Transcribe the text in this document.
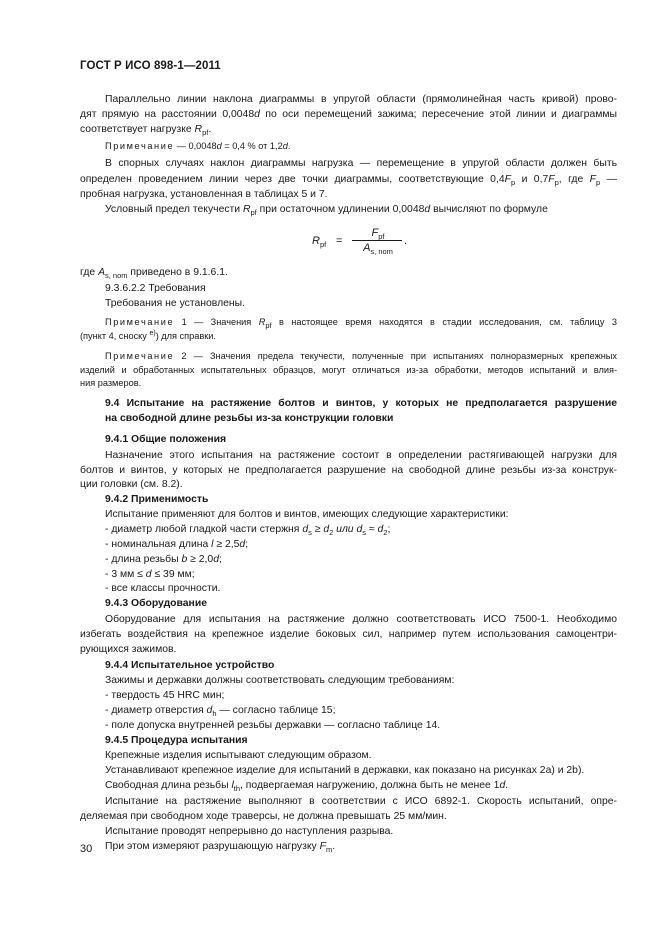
ГОСТ Р ИСО 898-1—2011
Параллельно линии наклона диаграммы в упругой области (прямолинейная часть кривой) прово-
дят прямую на расстоянии 0,0048d по оси перемещений зажима; пересечение этой линии и диаграммы
соответствует нагрузке $R_{pf}$.
Примечание — 0,0048d = 0,4 % от 1,2d.
В спорных случаях наклон диаграммы нагрузка — перемещение в упругой области должен быть
определен проведением линии через две точки диаграммы, соответствующие $0,4F_p$ и $0,7F_p$, где $F_p$ —
пробная нагрузка, установленная в таблицах 5 и 7.
Условный предел текучести $R_{pf}$ при остаточном удлинении 0,0048d вычисляют по формуле
$R_{pf}$ =
$F_{pf}$
$A_{s, nom}$
.
где $A_{s, nom}$ приведено в 9.1.6.1.
9.3.6.2.2 Требования
Требования не установлены.
Примечание 1 — Значения $R_{pf}$ в настоящее время находятся в стадии исследования, см. таблицу 3
(пункт 4, сноску $^{e)}$) для справки.
Примечание 2 — Значения предела текучести, полученные при испытаниях полноразмерных крепежных
изделий и обработанных испытательных образцов, могут отличаться из-за обработки, методов испытаний и влия-
ния размеров.
9.4 Испытание на растяжение болтов и винтов, у которых не предполагается разрушение
на свободной длине резьбы из-за конструкции головки
9.4.1 Общие положения
Назначение этого испытания на растяжение состоит в определении растягивающей нагрузки для
болтов и винтов, у которых не предполагается разрушение на свободной длине резьбы из-за конструк-
ции головки (см. 8.2).
9.4.2 Применимость
Испытание применяют для болтов и винтов, имеющих следующие характеристики:
- диаметр любой гладкой части стержня $d_s \ge d_2$ или $d_s \approx d_2$;
- номинальная длина l ≥ 2,5d;
- длина резьбы b ≥ 2,0d;
- 3 мм ≤ d ≤ 39 мм;
- все классы прочности.
9.4.3 Оборудование
Оборудование для испытания на растяжение должно соответствовать ИСО 7500-1. Необходимо
избегать воздействия на крепежное изделие боковых сил, например путем использования самоцентри-
рующихся зажимов.
9.4.4 Испытательное устройство
Зажимы и державки должны соответствовать следующим требованиям:
- твердость 45 HRC мин;
- диаметр отверстия $d_h$ — согласно таблице 15;
- поле допуска внутренней резьбы державки — согласно таблице 14.
9.4.5 Процедура испытания
Крепежные изделия испытывают следующим образом.
Устанавливают крепежное изделие для испытаний в державки, как показано на рисунках 2a) и 2b).
Свободная длина резьбы $l_{th}$, подвергаемая нагружению, должна быть не менее 1d.
Испытание на растяжение выполняют в соответствии с ИСО 6892-1. Скорость испытаний, опре-
деляемая при свободном ходе траверсы, не должна превышать 25 мм/мин.
Испытание проводят непрерывно до наступления разрыва.
При этом измеряют разрушающую нагрузку $F_m$.
30
